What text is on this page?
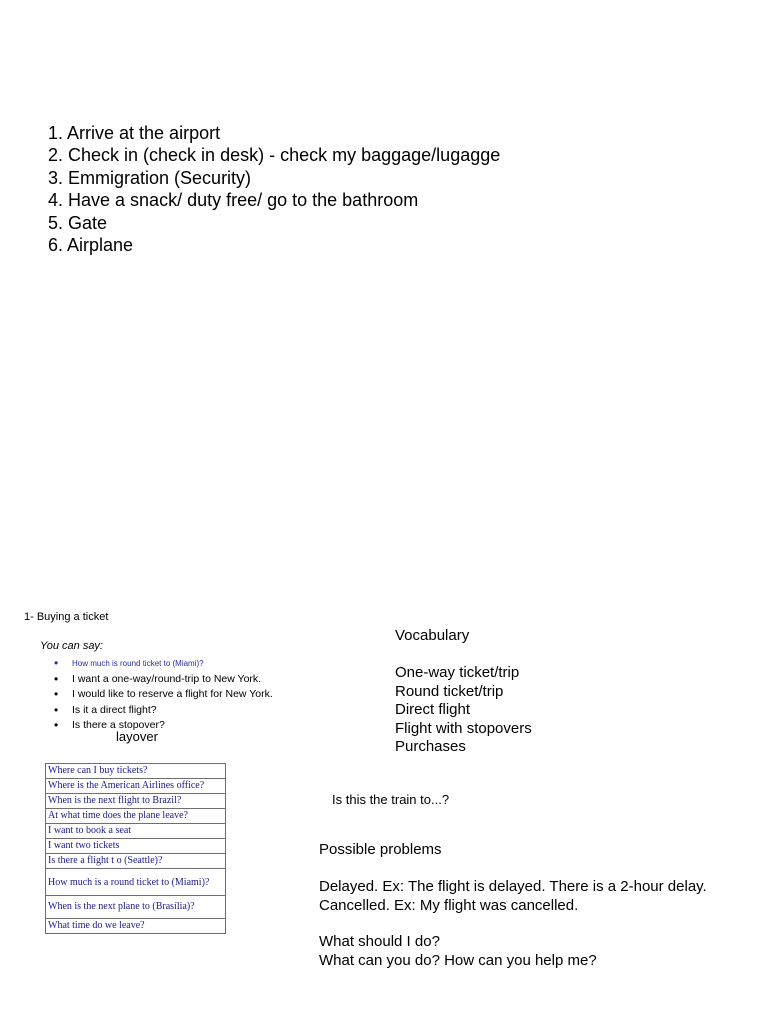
1. Arrive at the airport
2. Check in (check in desk) - check my baggage/lugagge
3. Emmigration (Security)
4. Have a snack/ duty free/ go to the bathroom
5. Gate
6. Airplane
1- Buying a ticket
You can say:
• How much is round ticket to (Miami)?
• I want a one-way/round-trip to New York.
• I would like to reserve a flight for New York.
• Is it a direct flight?
• Is there a stopover?
layover
Where can I buy tickets?
Where is the American Airlines office?
When is the next flight to Brazil?
At what time does the plane leave?
I want to book a seat
I want two tickets
Is there a flight t o (Seattle)?
How much is a round ticket to (Miami)?
When is the next plane to (Brasília)?
What time do we leave?
Vocabulary
One-way ticket/trip
Round ticket/trip
Direct flight
Flight with stopovers
Purchases
Is this the train to...?
Possible problems
Delayed. Ex: The flight is delayed. There is a 2-hour delay.
Cancelled. Ex: My flight was cancelled.
What should I do?
What can you do? How can you help me?
